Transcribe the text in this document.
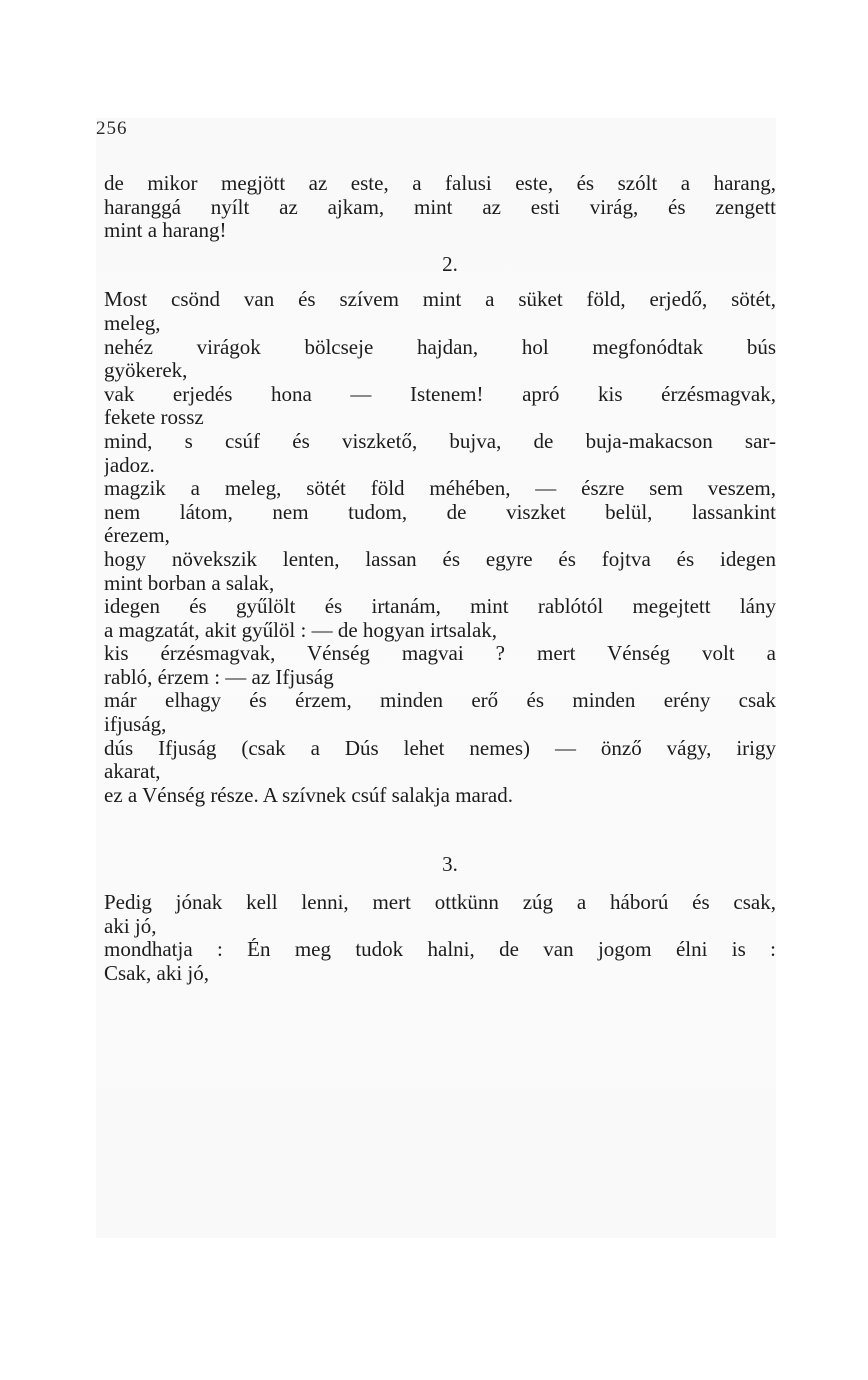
256
de mikor megjött az este, a falusi este, és szólt a harang,
haranggá nyílt az ajkam, mint az esti virág, és zengett
mint a harang!
2.
Most csönd van és szívem mint a süket föld, erjedő, sötét,
meleg,
nehéz virágok bölcseje hajdan, hol megfonódtak bús
gyökerek,
vak erjedés hona — Istenem! apró kis érzésmagvak,
fekete rossz
mind, s csúf és viszkető, bujva, de buja-makacson sar-
jadoz.
magzik a meleg, sötét föld méhében, — észre sem veszem,
nem látom, nem tudom, de viszket belül, lassankint
érezem,
hogy növekszik lenten, lassan és egyre és fojtva és idegen
mint borban a salak,
idegen és gyűlölt és irtanám, mint rablótól megejtett lány
a magzatát, akit gyűlöl : — de hogyan irtsalak,
kis érzésmagvak, Vénség magvai ? mert Vénség volt a
rabló, érzem : — az Ifjuság
már elhagy és érzem, minden erő és minden erény csak
ifjuság,
dús Ifjuság (csak a Dús lehet nemes) — önző vágy, irigy
akarat,
ez a Vénség része. A szívnek csúf salakja marad.
3.
Pedig jónak kell lenni, mert ottkünn zúg a háború és csak,
aki jó,
mondhatja : Én meg tudok halni, de van jogom élni is :
Csak, aki jó,
